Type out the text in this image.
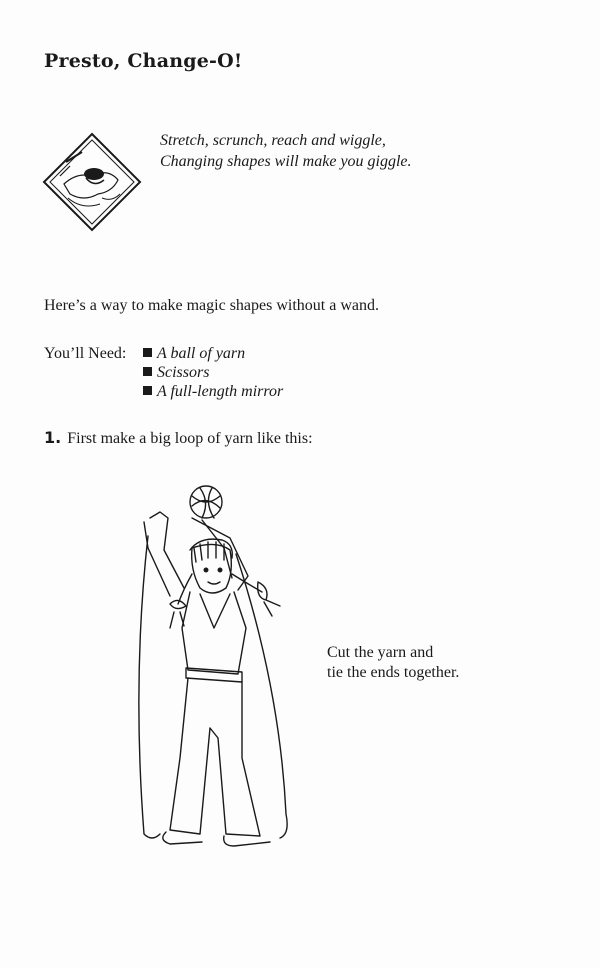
Presto, Change-O!
Stretch, scrunch, reach and wiggle,
Changing shapes will make you giggle.
Here’s a way to make magic shapes without a wand.
You’ll Need:	A ball of yarn
Scissors
A full-length mirror
1. First make a big loop of yarn like this:
Cut the yarn and
tie the ends together.
